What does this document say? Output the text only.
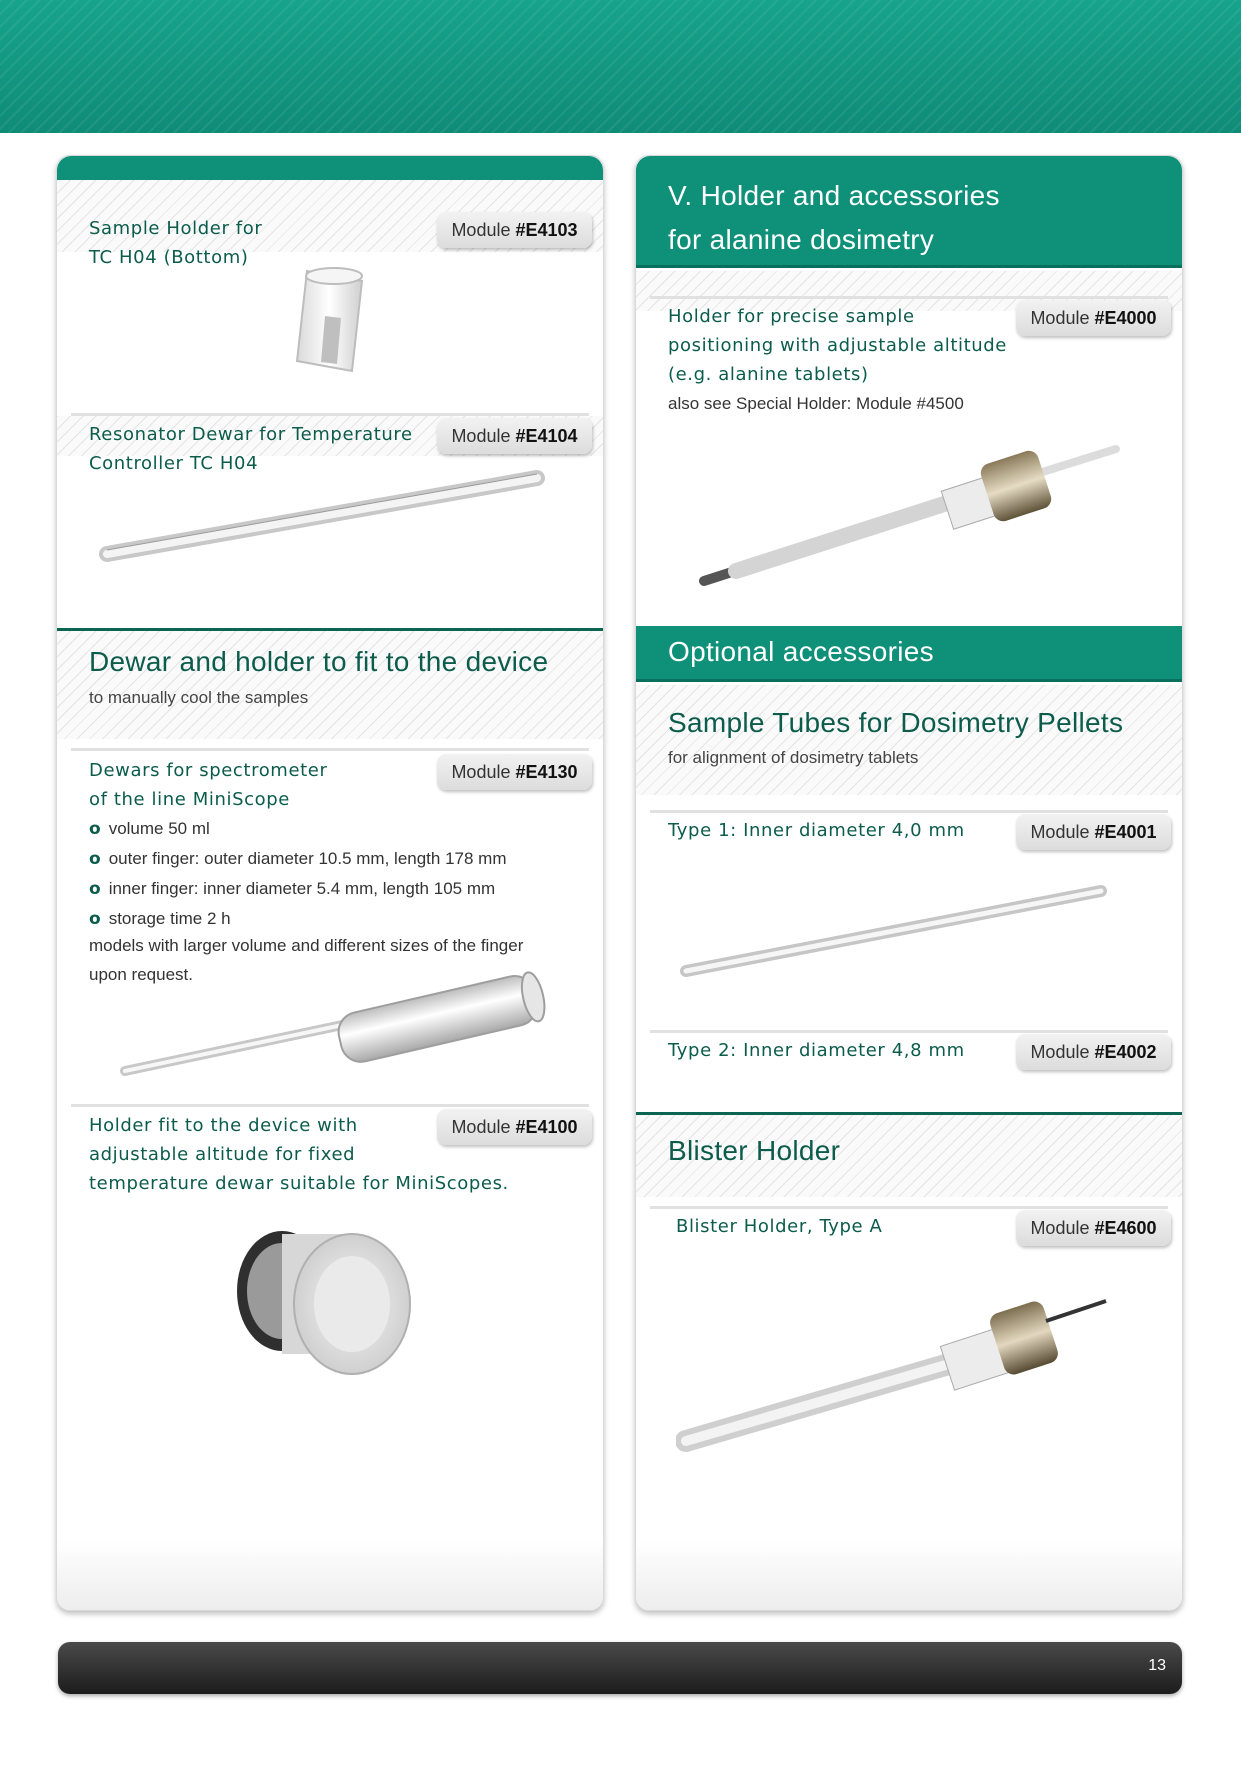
Sample Holder for
TC H04 (Bottom)
Module #E4103
Resonator Dewar for Temperature
Controller TC H04
Module #E4104
Dewar and holder to fit to the device
to manually cool the samples
Dewars for spectrometer
of the line MiniScope
Module #E4130
o volume 50 ml
o outer finger: outer diameter 10.5 mm, length 178 mm
o inner finger: inner diameter 5.4 mm, length 105 mm
o storage time 2 h
models with larger volume and different sizes of the finger
upon request.
Holder fit to the device with
adjustable altitude for fixed
temperature dewar suitable for MiniScopes.
Module #E4100
V. Holder and accessories
for alanine dosimetry
Holder for precise sample
positioning with adjustable altitude
(e.g. alanine tablets)
also see Special Holder: Module #4500
Module #E4000
Optional accessories
Sample Tubes for Dosimetry Pellets
for alignment of dosimetry tablets
Type 1: Inner diameter 4,0 mm	Module #E4001
Type 2: Inner diameter 4,8 mm	Module #E4002
Blister Holder
Blister Holder, Type A	Module #E4600
13
